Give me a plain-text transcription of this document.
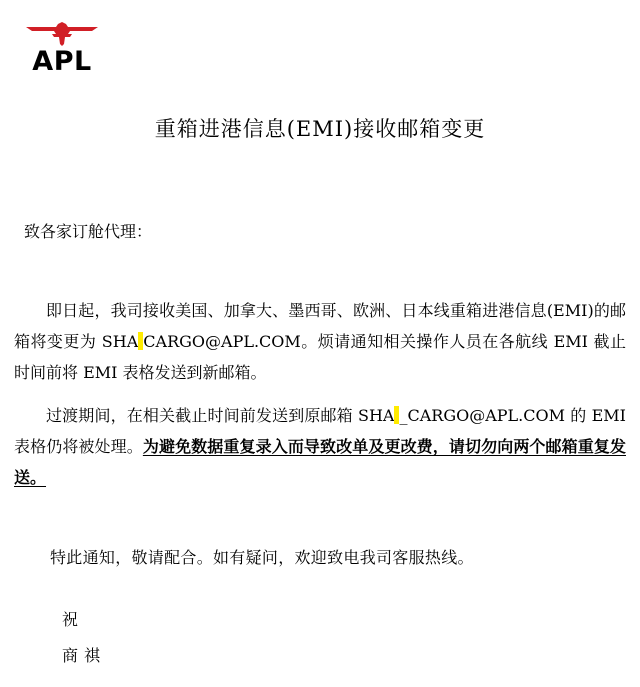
APL
重箱进港信息(EMI)接收邮箱变更
致各家订舱代理：

即日起，我司接收美国、加拿大、墨西哥、欧洲、日本线重箱进港信息(EMI)的邮箱将变更为 SHA CARGO@APL.COM。烦请通知相关操作人员在各航线 EMI 截止时间前将 EMI 表格发送到新邮箱。

过渡期间，在相关截止时间前发送到原邮箱 SHA _CARGO@APL.COM 的 EMI 表格仍将被处理。为避免数据重复录入而导致改单及更改费，请切勿向两个邮箱重复发送。

特此通知，敬请配合。如有疑问，欢迎致电我司客服热线。
祝
商祺
